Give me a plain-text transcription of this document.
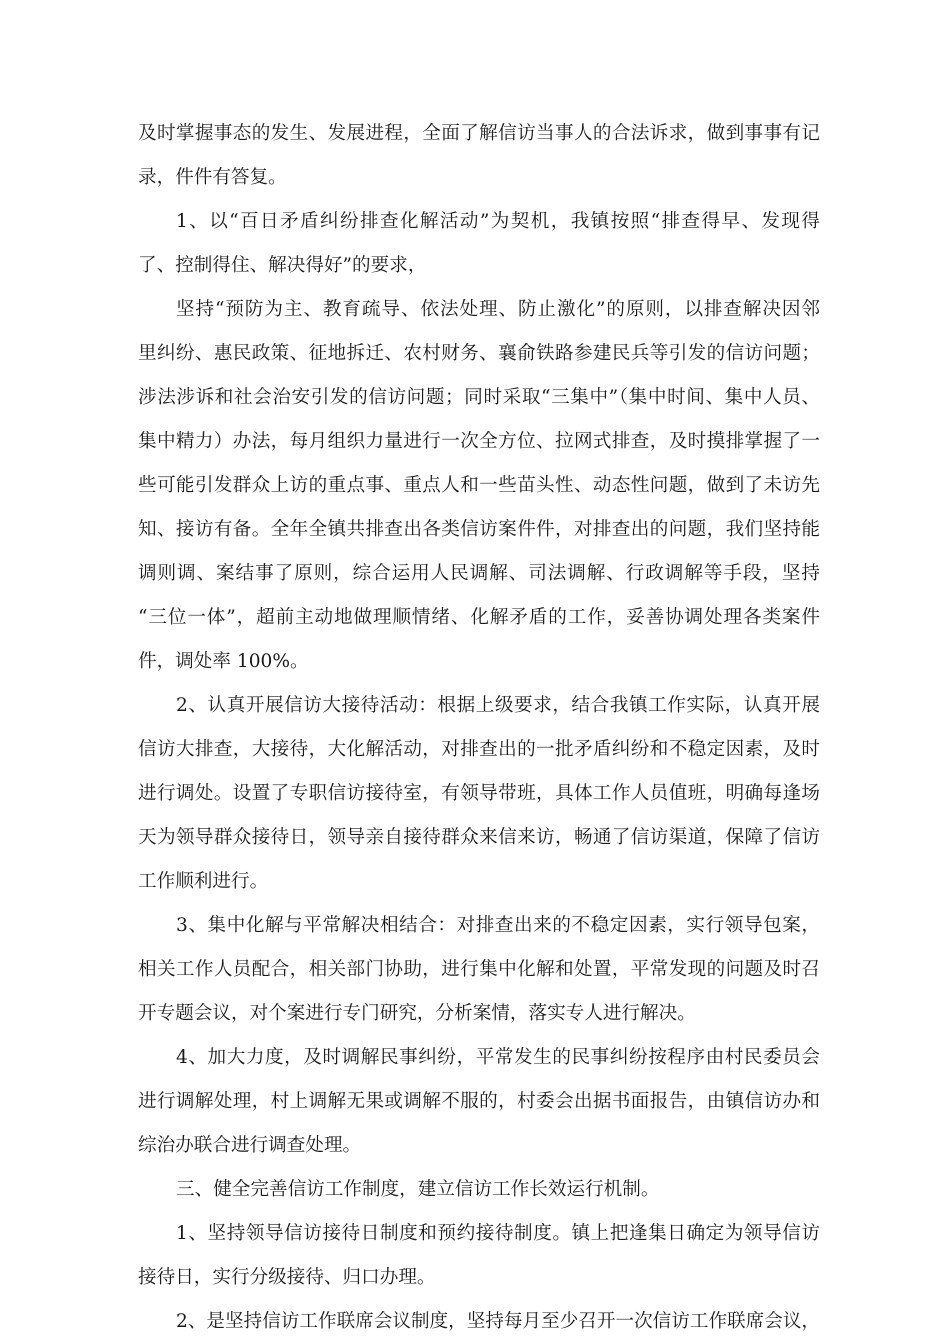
及时掌握事态的发生、发展进程，全面了解信访当事人的合法诉求，做到事事有记
录，件件有答复。
1、以“百日矛盾纠纷排查化解活动”为契机，我镇按照“排查得早、发现得
了、控制得住、解决得好”的要求，
坚持“预防为主、教育疏导、依法处理、防止激化”的原则，以排查解决因邻
里纠纷、惠民政策、征地拆迁、农村财务、襄俞铁路参建民兵等引发的信访问题；
涉法涉诉和社会治安引发的信访问题；同时采取“三集中”（集中时间、集中人员、
集中精力）办法，每月组织力量进行一次全方位、拉网式排查，及时摸排掌握了一
些可能引发群众上访的重点事、重点人和一些苗头性、动态性问题，做到了未访先
知、接访有备。全年全镇共排查出各类信访案件件，对排查出的问题，我们坚持能
调则调、案结事了原则，综合运用人民调解、司法调解、行政调解等手段，坚持
“三位一体”，超前主动地做理顺情绪、化解矛盾的工作，妥善协调处理各类案件
件，调处率 100%。
2、认真开展信访大接待活动：根据上级要求，结合我镇工作实际，认真开展
信访大排查，大接待，大化解活动，对排查出的一批矛盾纠纷和不稳定因素，及时
进行调处。设置了专职信访接待室，有领导带班，具体工作人员值班，明确每逢场
天为领导群众接待日，领导亲自接待群众来信来访，畅通了信访渠道，保障了信访
工作顺利进行。
3、集中化解与平常解决相结合：对排查出来的不稳定因素，实行领导包案，
相关工作人员配合，相关部门协助，进行集中化解和处置，平常发现的问题及时召
开专题会议，对个案进行专门研究，分析案情，落实专人进行解决。
4、加大力度，及时调解民事纠纷，平常发生的民事纠纷按程序由村民委员会
进行调解处理，村上调解无果或调解不服的，村委会出据书面报告，由镇信访办和
综治办联合进行调查处理。
三、健全完善信访工作制度，建立信访工作长效运行机制。
1、坚持领导信访接待日制度和预约接待制度。镇上把逢集日确定为领导信访
接待日，实行分级接待、归口办理。
2、是坚持信访工作联席会议制度，坚持每月至少召开一次信访工作联席会议，
